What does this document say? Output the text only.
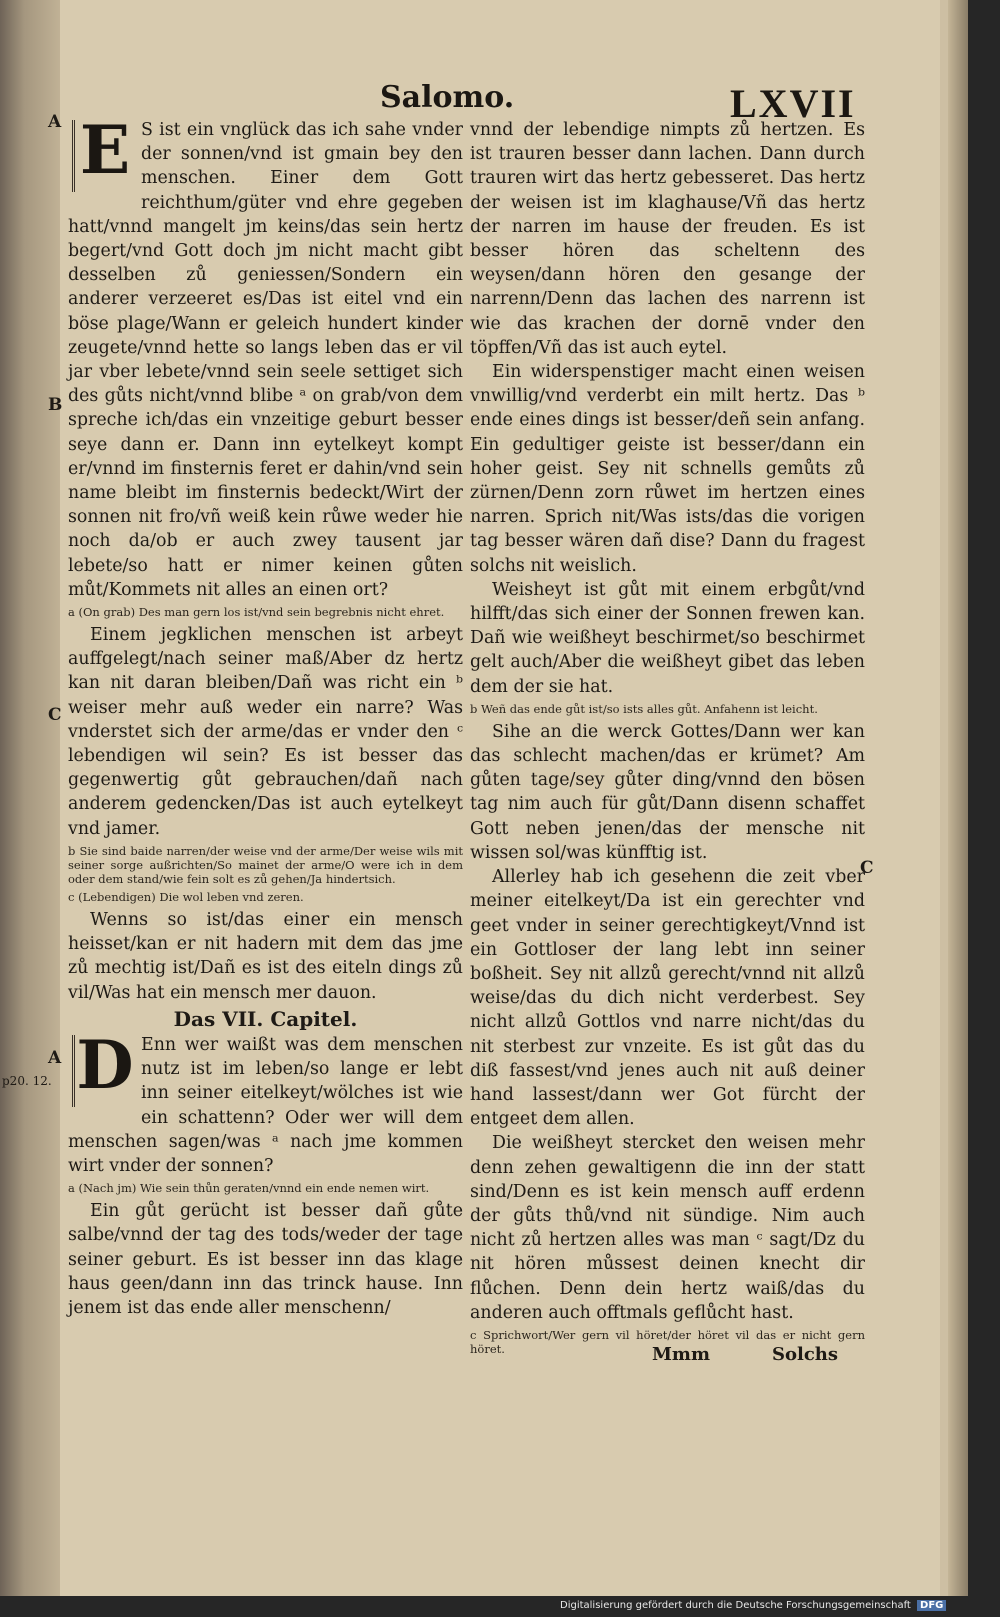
Salomo.	LXVII
A
B
C
A
p20. 12.
C
E S ist ein vnglück das ich sahe vnder der sonnen/vnd ist gmain bey den menschen. Einer dem Gott reichthum/güter vnd ehre gegeben hatt/vnnd mangelt jm keins/das sein hertz begert/vnd Gott doch jm nicht macht gibt desselben zů geniessen/Sondern ein anderer verzeeret es/Das ist eitel vnd ein böse plage/Wann er geleich hundert kinder zeugete/vnnd hette so langs leben das er vil jar vber lebete/vnnd sein seele settiget sich des gůts nicht/vnnd blibe ᵃ on grab/von dem spreche ich/das ein vnzeitige geburt besser seye dann er. Dann inn eytelkeyt kompt er/vnnd im finsternis feret er dahin/vnd sein name bleibt im finsternis bedeckt/Wirt der sonnen nit fro/vñ weiß kein růwe weder hie noch da/ob er auch zwey tausent jar lebete/so hatt er nimer keinen gůten můt/Kommets nit alles an einen ort?

a (On grab) Des man gern los ist/vnd sein begrebnis nicht ehret.

Einem jegklichen menschen ist arbeyt auffgelegt/nach seiner maß/Aber dz hertz kan nit daran bleiben/Dañ was richt ein ᵇ weiser mehr auß weder ein narre? Was vnderstet sich der arme/das er vnder den ᶜ lebendigen wil sein? Es ist besser das gegenwertig gůt gebrauchen/dañ nach anderem gedencken/Das ist auch eytelkeyt vnd jamer.

b Sie sind baide narren/der weise vnd der arme/Der weise wils mit seiner sorge außrichten/So mainet der arme/O were ich in dem oder dem stand/wie fein solt es zů gehen/Ja hindertsich.

c (Lebendigen) Die wol leben vnd zeren.

Wenns so ist/das einer ein mensch heisset/kan er nit hadern mit dem das jme zů mechtig ist/Dañ es ist des eiteln dings zů vil/Was hat ein mensch mer dauon.

Das VII. Capitel.
D Enn wer waißt was dem menschen nutz ist im leben/so lange er lebt inn seiner eitelkeyt/wölches ist wie ein schattenn? Oder wer will dem menschen sagen/was ᵃ nach jme kommen wirt vnder der sonnen?

a (Nach jm) Wie sein thůn geraten/vnnd ein ende nemen wirt.

Ein gůt gerücht ist besser dañ gůte salbe/vnnd der tag des tods/weder der tage seiner geburt. Es ist besser inn das klage haus geen/dann inn das trinck hause. Inn jenem ist das ende aller menschenn/

vnnd der lebendige nimpts zů hertzen. Es ist trauren besser dann lachen. Dann durch trauren wirt das hertz gebesseret. Das hertz der weisen ist im klaghause/Vñ das hertz der narren im hause der freuden. Es ist besser hören das scheltenn des weysen/dann hören den gesange der narrenn/Denn das lachen des narrenn ist wie das krachen der dornē vnder den töpffen/Vñ das ist auch eytel.

Ein widerspenstiger macht einen weisen vnwillig/vnd verderbt ein milt hertz. Das ᵇ ende eines dings ist besser/deñ sein anfang. Ein gedultiger geiste ist besser/dann ein hoher geist. Sey nit schnells gemůts zů zürnen/Denn zorn růwet im hertzen eines narren. Sprich nit/Was ists/das die vorigen tag besser wären dañ dise? Dann du fragest solchs nit weislich.

Weisheyt ist gůt mit einem erbgůt/vnd hilfft/das sich einer der Sonnen frewen kan. Dañ wie weißheyt beschirmet/so beschirmet gelt auch/Aber die weißheyt gibet das leben dem der sie hat.

b Weñ das ende gůt ist/so ists alles gůt. Anfahenn ist leicht.

Sihe an die werck Gottes/Dann wer kan das schlecht machen/das er krümet? Am gůten tage/sey gůter ding/vnnd den bösen tag nim auch für gůt/Dann disenn schaffet Gott neben jenen/das der mensche nit wissen sol/was künfftig ist.

Allerley hab ich gesehenn die zeit vber meiner eitelkeyt/Da ist ein gerechter vnd geet vnder in seiner gerechtigkeyt/Vnnd ist ein Gottloser der lang lebt inn seiner boßheit. Sey nit allzů gerecht/vnnd nit allzů weise/das du dich nicht verderbest. Sey nicht allzů Gottlos vnd narre nicht/das du nit sterbest zur vnzeite. Es ist gůt das du diß fassest/vnd jenes auch nit auß deiner hand lassest/dann wer Got fürcht der entgeet dem allen.

Die weißheyt stercket den weisen mehr denn zehen gewaltigenn die inn der statt sind/Denn es ist kein mensch auff erdenn der gůts thů/vnd nit sündige. Nim auch nicht zů hertzen alles was man ᶜ sagt/Dz du nit hören můssest deinen knecht dir flůchen. Denn dein hertz waiß/das du anderen auch offtmals geflůcht hast.

c Sprichwort/Wer gern vil höret/der höret vil das er nicht gern höret.	Mmm	Solchs
Digitalisierung gefördert durch die Deutsche Forschungsgemeinschaft DFG
